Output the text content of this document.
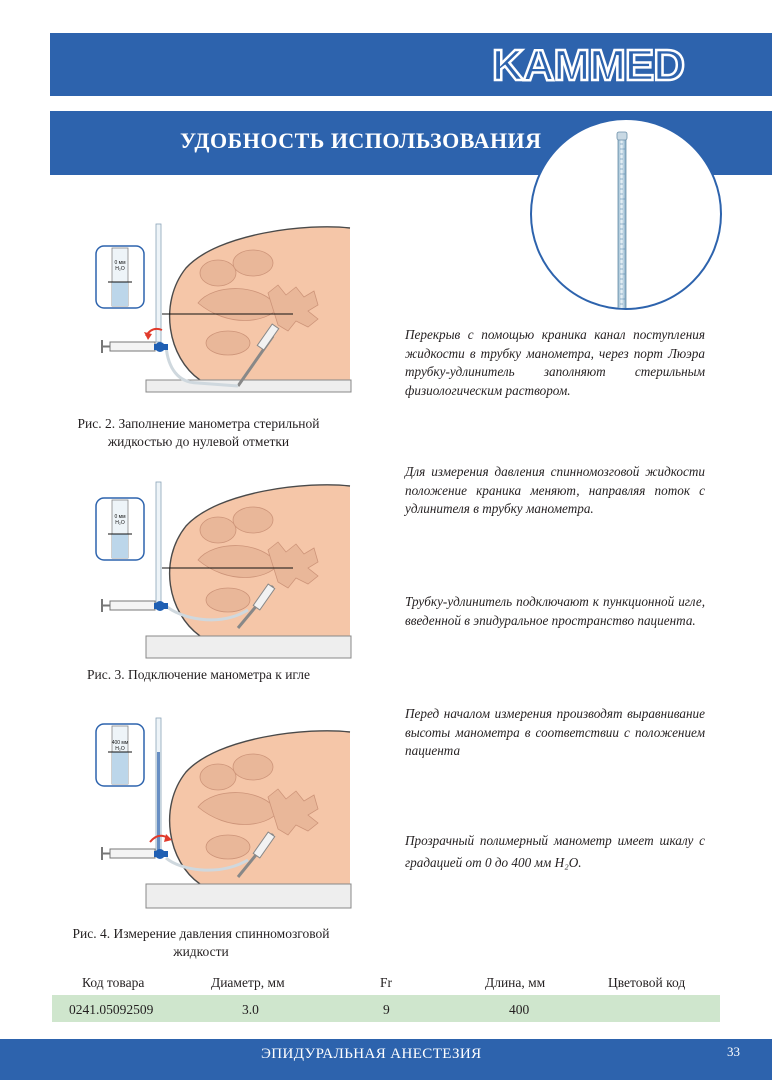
KAMMED
УДОБНОСТЬ ИСПОЛЬЗОВАНИЯ
0 мм
H₂O
Рис. 2. Заполнение манометра стерильной жидкостью до нулевой отметки
0 мм
H₂O
Рис. 3. Подключение манометра к игле
400 мм
H₂O
Рис. 4. Измерение давления спинномозговой жидкости
Перекрыв с помощью краника канал поступления жидкости в трубку манометра, через порт Люэра трубку-удлинитель заполняют стерильным физиологическим раствором.
Для измерения давления спинномозговой жидкости положение краника меняют, направляя поток с удлинителя в трубку манометра.
Трубку-удлинитель подключают к пункционной игле, введенной в эпидуральное пространство пациента.
Перед началом измерения производят выравнивание высоты манометра в соответствии с положением пациента
Прозрачный полимерный манометр имеет шкалу с градацией от 0 до 400 мм H₂O.
Код товара	Диаметр, мм	Fr	Длина, мм	Цветовой код
0241.05092509	3.0	9	400
ЭПИДУРАЛЬНАЯ АНЕСТЕЗИЯ	33
